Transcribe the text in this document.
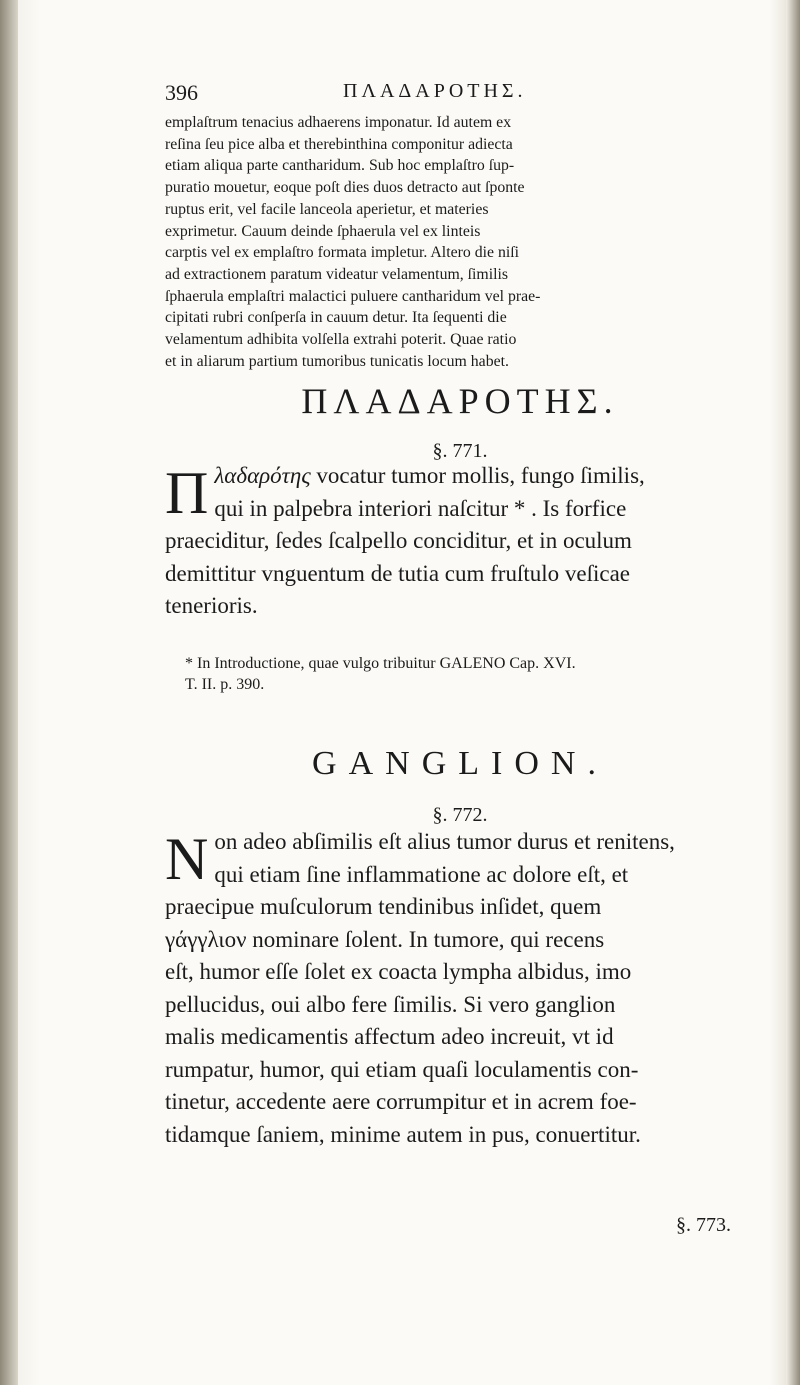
396	ΠΛΑΔΑΡΟΤΗΣ.
emplaſtrum tenacius adhaerens imponatur. Id autem ex
reſina ſeu pice alba et therebinthina componitur adiecta
etiam aliqua parte cantharidum. Sub hoc emplaſtro ſup-
puratio mouetur, eoque poſt dies duos detracto aut ſponte
ruptus erit, vel facile lanceola aperietur, et materies
exprimetur. Cauum deinde ſphaerula vel ex linteis
carptis vel ex emplaſtro formata impletur. Altero die niſi
ad extractionem paratum videatur velamentum, ſimilis
ſphaerula emplaſtri malactici puluere cantharidum vel prae-
cipitati rubri conſperſa in cauum detur. Ita ſequenti die
velamentum adhibita volſella extrahi poterit. Quae ratio
et in aliarum partium tumoribus tunicatis locum habet.
ΠΛΑΔΑΡΟΤΗΣ.
§. 771.
Π λαδαρότης vocatur tumor mollis, fungo ſimilis,
qui in palpebra interiori naſcitur * . Is forfice
praeciditur, ſedes ſcalpello conciditur, et in oculum
demittitur vnguentum de tutia cum fruſtulo veſicae
tenerioris.
* In Introductione, quae vulgo tribuitur GALENO Cap. XVI.
T. II. p. 390.
GANGLION.
§. 772.
N on adeo abſimilis eſt alius tumor durus et renitens,
qui etiam ſine inflammatione ac dolore eſt, et
praecipue muſculorum tendinibus inſidet, quem
γάγγλιον nominare ſolent. In tumore, qui recens
eſt, humor eſſe ſolet ex coacta lympha albidus, imo
pellucidus, oui albo fere ſimilis. Si vero ganglion
malis medicamentis affectum adeo increuit, vt id
rumpatur, humor, qui etiam quaſi loculamentis con-
tinetur, accedente aere corrumpitur et in acrem foe-
tidamque ſaniem, minime autem in pus, conuertitur.
§. 773.
